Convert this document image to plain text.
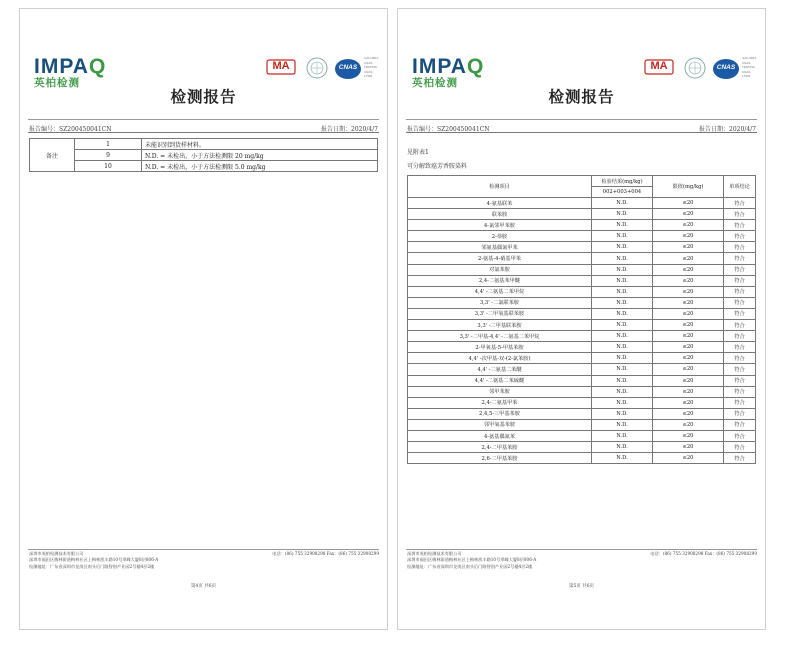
IMPAQ
英柏检测
MA	CNAS
ILAC-MRA
CNAS
TESTING
CNAS L7901
检测报告
报告编号：SZ200450041CN	报告日期：2020/4/7
备注	1	未能识别到货样材料。
	9	N.D. = 未检出，小于方法检测限 20 mg/kg
	10	N.D. = 未检出，小于方法检测限 5.0 mg/kg
深圳市英柏检测技术有限公司
深圳市福田区梅林街道梅林社区上梅林凯丰路10号翠峰大厦8层806-A
检测地址：广东省深圳市龙岗区南头后门路智创产业园2号楼4层2楼
电话：(86) 755 32908298 Fax：(86) 755 32908299
第4页 共6页
IMPAQ
英柏检测
MA	CNAS
ILAC-MRA
CNAS
TESTING
CNAS L7901
检测报告
报告编号：SZ200450041CN	报告日期：2020/4/7
见附表1
可分解致癌芳香胺染料
检测项目	检验结果(mg/kg)	限值(mg/kg)	单项结论
	002+003+004		
4-氨基联苯	N.D.	≤20	符合
联苯胺	N.D.	≤20	符合
4-氯邻甲苯胺	N.D.	≤20	符合
2-萘胺	N.D.	≤20	符合
邻氨基偶氮甲苯	N.D.	≤20	符合
2-氨基-4-硝基甲苯	N.D.	≤20	符合
对氯苯胺	N.D.	≤20	符合
2,4-二氨基苯甲醚	N.D.	≤20	符合
4,4' -二氨基二苯甲烷	N.D.	≤20	符合
3,3' -二氯联苯胺	N.D.	≤20	符合
3,3' -二甲氧基联苯胺	N.D.	≤20	符合
3,3' -二甲基联苯胺	N.D.	≤20	符合
3,3' -二甲基-4,4' -二氨基二苯甲烷	N.D.	≤20	符合
2-甲氧基-5-甲基苯胺	N.D.	≤20	符合
4,4' -次甲基-双-(2-氯苯胺)	N.D.	≤20	符合
4,4' -二氨基二苯醚	N.D.	≤20	符合
4,4' -二氨基二苯硫醚	N.D.	≤20	符合
邻甲苯胺	N.D.	≤20	符合
2,4-二氨基甲苯	N.D.	≤20	符合
2,4,5-三甲基苯胺	N.D.	≤20	符合
邻甲氧基苯胺	N.D.	≤20	符合
4-氨基偶氮苯	N.D.	≤20	符合
2,4-二甲基苯胺	N.D.	≤20	符合
2,6-二甲基苯胺	N.D.	≤20	符合
深圳市英柏检测技术有限公司
深圳市福田区梅林街道梅林社区上梅林凯丰路10号翠峰大厦8层806-A
检测地址：广东省深圳市龙岗区南头后门路智创产业园2号楼4层2楼
电话：(86) 755 32908298 Fax：(86) 755 32908299
第5页 共6页
